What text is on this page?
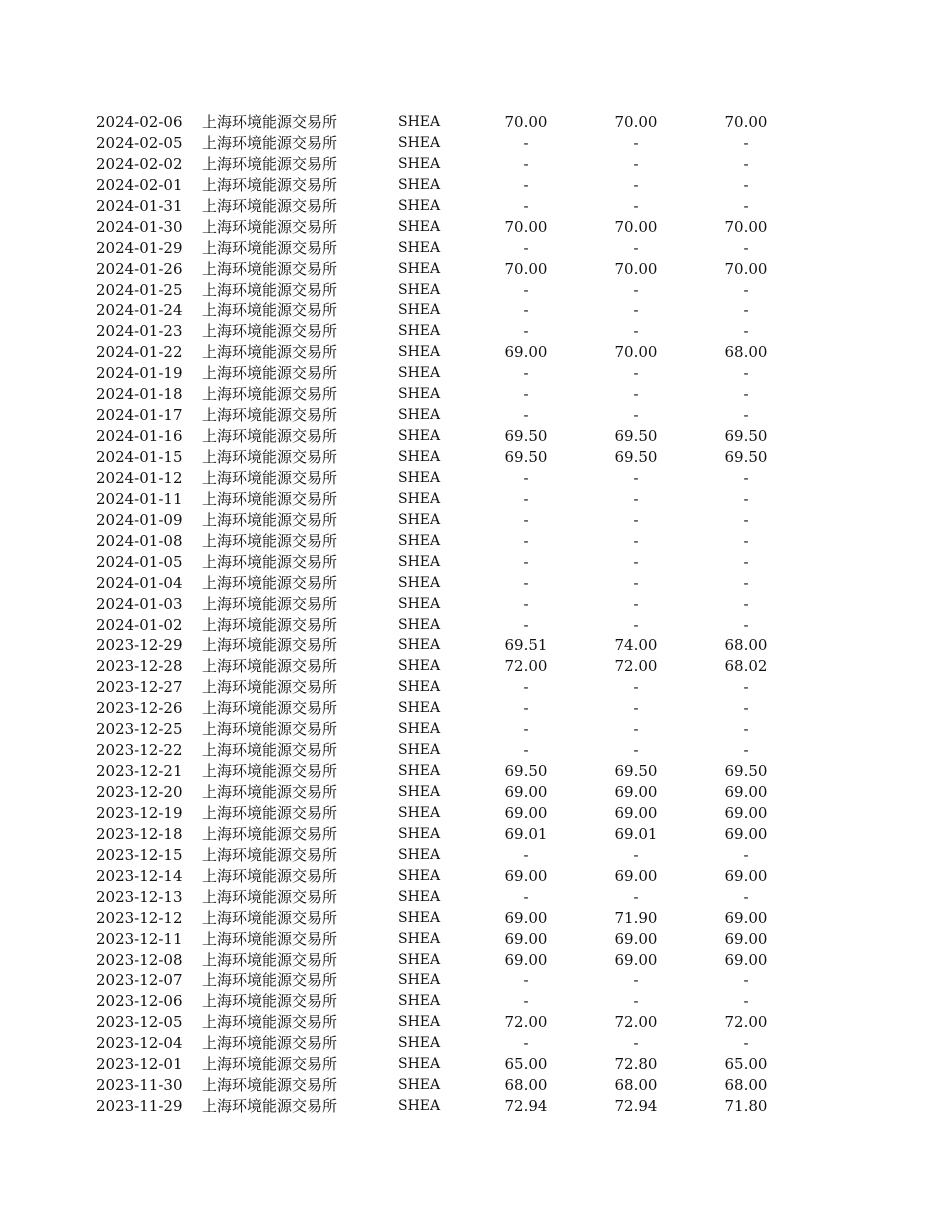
2024-02-06	上海环境能源交易所	SHEA	70.00	70.00	70.00
2024-02-05	上海环境能源交易所	SHEA	-	-	-
2024-02-02	上海环境能源交易所	SHEA	-	-	-
2024-02-01	上海环境能源交易所	SHEA	-	-	-
2024-01-31	上海环境能源交易所	SHEA	-	-	-
2024-01-30	上海环境能源交易所	SHEA	70.00	70.00	70.00
2024-01-29	上海环境能源交易所	SHEA	-	-	-
2024-01-26	上海环境能源交易所	SHEA	70.00	70.00	70.00
2024-01-25	上海环境能源交易所	SHEA	-	-	-
2024-01-24	上海环境能源交易所	SHEA	-	-	-
2024-01-23	上海环境能源交易所	SHEA	-	-	-
2024-01-22	上海环境能源交易所	SHEA	69.00	70.00	68.00
2024-01-19	上海环境能源交易所	SHEA	-	-	-
2024-01-18	上海环境能源交易所	SHEA	-	-	-
2024-01-17	上海环境能源交易所	SHEA	-	-	-
2024-01-16	上海环境能源交易所	SHEA	69.50	69.50	69.50
2024-01-15	上海环境能源交易所	SHEA	69.50	69.50	69.50
2024-01-12	上海环境能源交易所	SHEA	-	-	-
2024-01-11	上海环境能源交易所	SHEA	-	-	-
2024-01-09	上海环境能源交易所	SHEA	-	-	-
2024-01-08	上海环境能源交易所	SHEA	-	-	-
2024-01-05	上海环境能源交易所	SHEA	-	-	-
2024-01-04	上海环境能源交易所	SHEA	-	-	-
2024-01-03	上海环境能源交易所	SHEA	-	-	-
2024-01-02	上海环境能源交易所	SHEA	-	-	-
2023-12-29	上海环境能源交易所	SHEA	69.51	74.00	68.00
2023-12-28	上海环境能源交易所	SHEA	72.00	72.00	68.02
2023-12-27	上海环境能源交易所	SHEA	-	-	-
2023-12-26	上海环境能源交易所	SHEA	-	-	-
2023-12-25	上海环境能源交易所	SHEA	-	-	-
2023-12-22	上海环境能源交易所	SHEA	-	-	-
2023-12-21	上海环境能源交易所	SHEA	69.50	69.50	69.50
2023-12-20	上海环境能源交易所	SHEA	69.00	69.00	69.00
2023-12-19	上海环境能源交易所	SHEA	69.00	69.00	69.00
2023-12-18	上海环境能源交易所	SHEA	69.01	69.01	69.00
2023-12-15	上海环境能源交易所	SHEA	-	-	-
2023-12-14	上海环境能源交易所	SHEA	69.00	69.00	69.00
2023-12-13	上海环境能源交易所	SHEA	-	-	-
2023-12-12	上海环境能源交易所	SHEA	69.00	71.90	69.00
2023-12-11	上海环境能源交易所	SHEA	69.00	69.00	69.00
2023-12-08	上海环境能源交易所	SHEA	69.00	69.00	69.00
2023-12-07	上海环境能源交易所	SHEA	-	-	-
2023-12-06	上海环境能源交易所	SHEA	-	-	-
2023-12-05	上海环境能源交易所	SHEA	72.00	72.00	72.00
2023-12-04	上海环境能源交易所	SHEA	-	-	-
2023-12-01	上海环境能源交易所	SHEA	65.00	72.80	65.00
2023-11-30	上海环境能源交易所	SHEA	68.00	68.00	68.00
2023-11-29	上海环境能源交易所	SHEA	72.94	72.94	71.80
